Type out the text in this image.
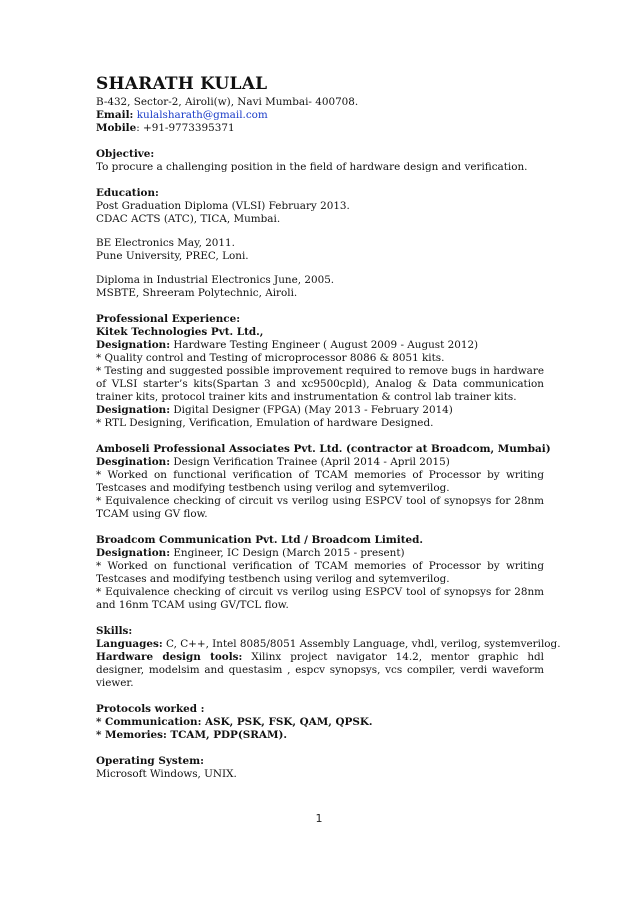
SHARATH KULAL
B-432, Sector-2, Airoli(w), Navi Mumbai- 400708.
Email: kulalsharath@gmail.com
Mobile: +91-9773395371
Objective:
To procure a challenging position in the field of hardware design and verification.
Education:
Post Graduation Diploma (VLSI) February 2013.
CDAC ACTS (ATC), TICA, Mumbai.
BE Electronics May, 2011.
Pune University, PREC, Loni.
Diploma in Industrial Electronics June, 2005.
MSBTE, Shreeram Polytechnic, Airoli.
Professional Experience:
Kitek Technologies Pvt. Ltd.,
Designation: Hardware Testing Engineer ( August 2009 - August 2012)
* Quality control and Testing of microprocessor 8086 & 8051 kits.
* Testing and suggested possible improvement required to remove bugs in hardware of VLSI starter’s kits(Spartan 3 and xc9500cpld), Analog & Data communication trainer kits, protocol trainer kits and instrumentation & control lab trainer kits.
Designation: Digital Designer (FPGA) (May 2013 - February 2014)
* RTL Designing, Verification, Emulation of hardware Designed.
Amboseli Professional Associates Pvt. Ltd. (contractor at Broadcom, Mumbai)
Desgination: Design Verification Trainee (April 2014 - April 2015)
* Worked on functional verification of TCAM memories of Processor by writing Testcases and modifying testbench using verilog and sytemverilog.
* Equivalence checking of circuit vs verilog using ESPCV tool of synopsys for 28nm TCAM using GV flow.
Broadcom Communication Pvt. Ltd / Broadcom Limited.
Designation: Engineer, IC Design (March 2015 - present)
* Worked on functional verification of TCAM memories of Processor by writing Testcases and modifying testbench using verilog and sytemverilog.
* Equivalence checking of circuit vs verilog using ESPCV tool of synopsys for 28nm and 16nm TCAM using GV/TCL flow.
Skills:
Languages: C, C++, Intel 8085/8051 Assembly Language, vhdl, verilog, systemverilog.
Hardware design tools: Xilinx project navigator 14.2, mentor graphic hdl designer, modelsim and questasim , espcv synopsys, vcs compiler, verdi waveform viewer.
Protocols worked :
* Communication: ASK, PSK, FSK, QAM, QPSK.
* Memories: TCAM, PDP(SRAM).
Operating System:
Microsoft Windows, UNIX.
1
